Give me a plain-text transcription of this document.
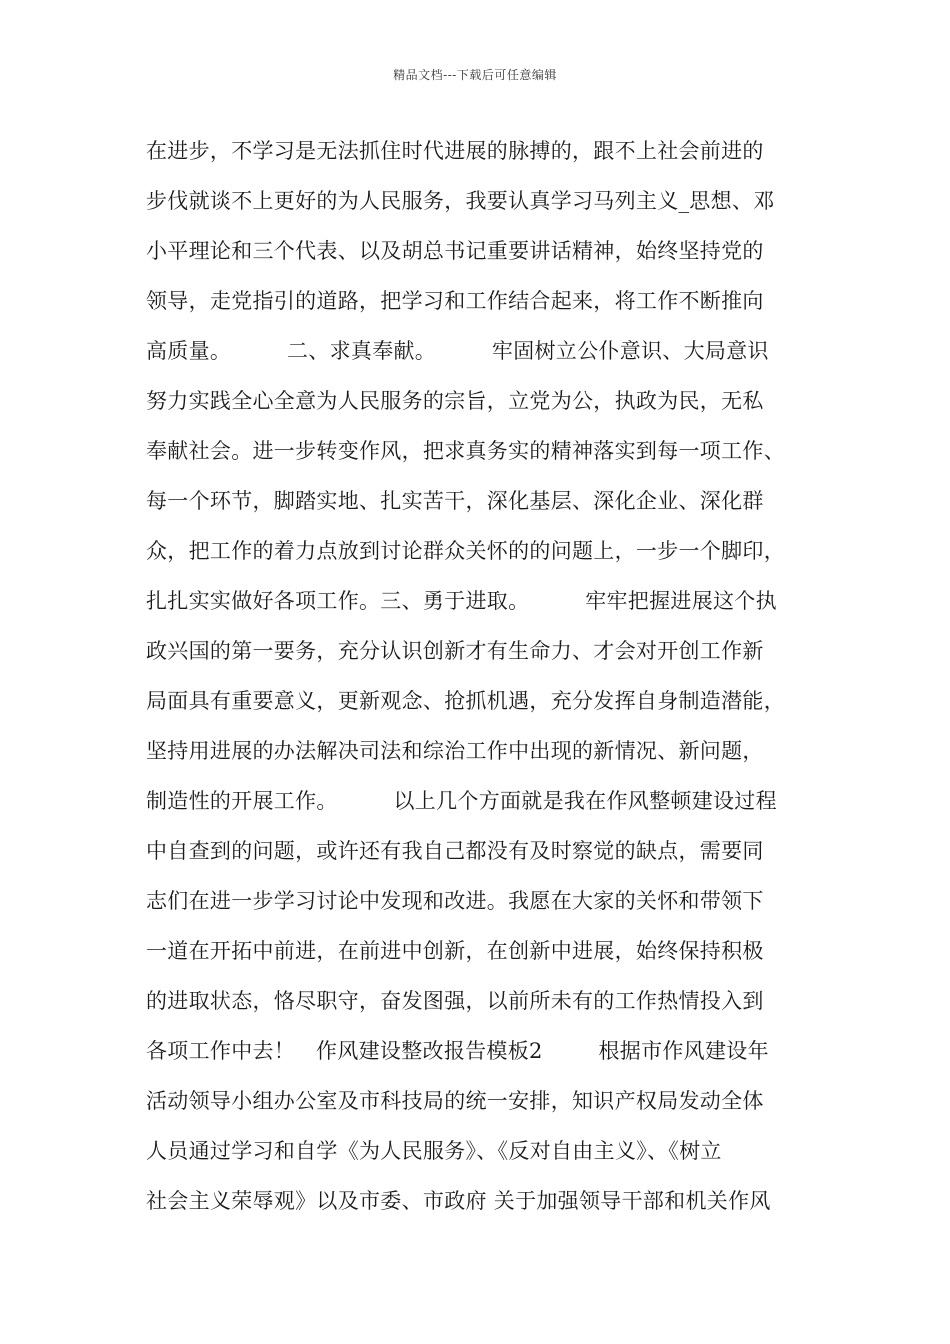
精品文档---下载后可任意编辑
在进步，不学习是无法抓住时代进展的脉搏的，跟不上社会前进的
步伐就谈不上更好的为人民服务，我要认真学习马列主义_思想、邓
小平理论和三个代表、以及胡总书记重要讲话精神，始终坚持党的
领导，走党指引的道路，把学习和工作结合起来，将工作不断推向
高质量。        二、求真奉献。        牢固树立公仆意识、大局意识
努力实践全心全意为人民服务的宗旨，立党为公，执政为民，无私
奉献社会。进一步转变作风，把求真务实的精神落实到每一项工作、
每一个环节，脚踏实地、扎实苦干，深化基层、深化企业、深化群
众，把工作的着力点放到讨论群众关怀的的问题上，一步一个脚印，
扎扎实实做好各项工作。三、勇于进取。        牢牢把握进展这个执
政兴国的第一要务，充分认识创新才有生命力、才会对开创工作新
局面具有重要意义，更新观念、抢抓机遇，充分发挥自身制造潜能，
坚持用进展的办法解决司法和综治工作中出现的新情况、新问题，
制造性的开展工作。        以上几个方面就是我在作风整顿建设过程
中自查到的问题，或许还有我自己都没有及时察觉的缺点，需要同
志们在进一步学习讨论中发现和改进。我愿在大家的关怀和带领下
一道在开拓中前进，在前进中创新，在创新中进展，始终保持积极
的进取状态，恪尽职守，奋发图强，以前所未有的工作热情投入到
各项工作中去！   作风建设整改报告模板2        根据市作风建设年
活动领导小组办公室及市科技局的统一安排，知识产权局发动全体
人员通过学习和自学《为人民服务》、《反对自由主义》、《树立
社会主义荣辱观》以及市委、市政府 关于加强领导干部和机关作风
